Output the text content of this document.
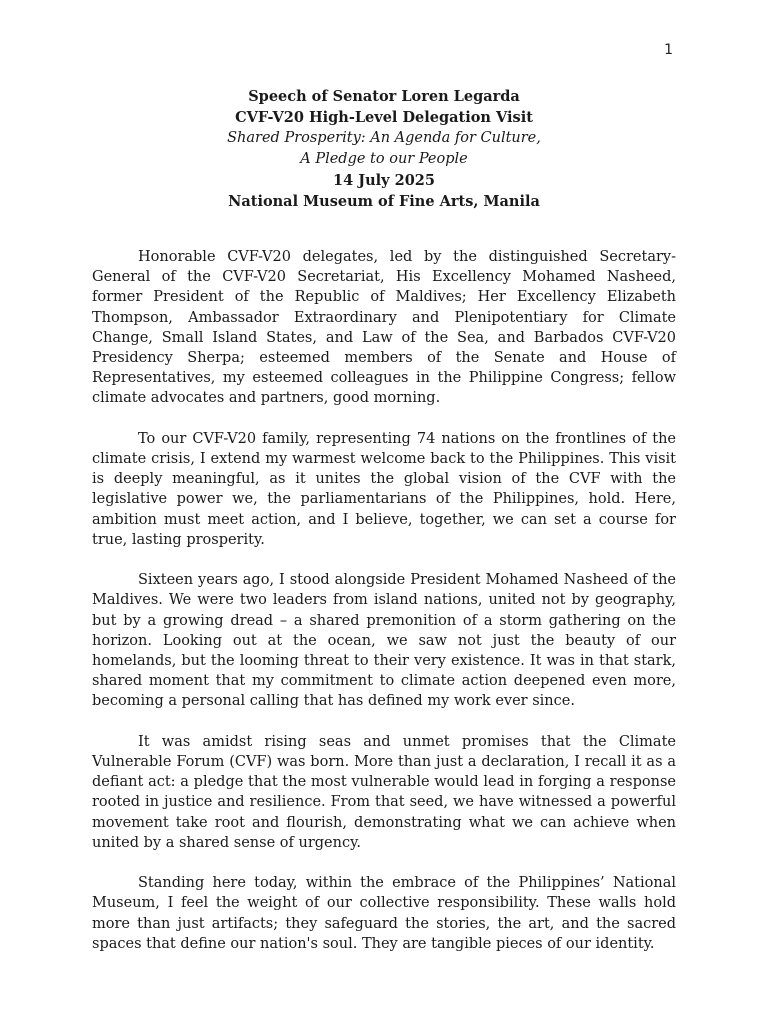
1
Speech of Senator Loren Legarda
CVF-V20 High-Level Delegation Visit
Shared Prosperity: An Agenda for Culture,
A Pledge to our People
14 July 2025
National Museum of Fine Arts, Manila

Honorable CVF-V20 delegates, led by the distinguished Secretary-General of the CVF-V20 Secretariat, His Excellency Mohamed Nasheed, former President of the Republic of Maldives; Her Excellency Elizabeth Thompson, Ambassador Extraordinary and Plenipotentiary for Climate Change, Small Island States, and Law of the Sea, and Barbados CVF-V20 Presidency Sherpa; esteemed members of the Senate and House of Representatives, my esteemed colleagues in the Philippine Congress; fellow climate advocates and partners, good morning.

To our CVF-V20 family, representing 74 nations on the frontlines of the climate crisis, I extend my warmest welcome back to the Philippines. This visit is deeply meaningful, as it unites the global vision of the CVF with the legislative power we, the parliamentarians of the Philippines, hold. Here, ambition must meet action, and I believe, together, we can set a course for true, lasting prosperity.

Sixteen years ago, I stood alongside President Mohamed Nasheed of the Maldives. We were two leaders from island nations, united not by geography, but by a growing dread – a shared premonition of a storm gathering on the horizon. Looking out at the ocean, we saw not just the beauty of our homelands, but the looming threat to their very existence. It was in that stark, shared moment that my commitment to climate action deepened even more, becoming a personal calling that has defined my work ever since.

It was amidst rising seas and unmet promises that the Climate Vulnerable Forum (CVF) was born. More than just a declaration, I recall it as a defiant act: a pledge that the most vulnerable would lead in forging a response rooted in justice and resilience. From that seed, we have witnessed a powerful movement take root and flourish, demonstrating what we can achieve when united by a shared sense of urgency.

Standing here today, within the embrace of the Philippines’ National Museum, I feel the weight of our collective responsibility. These walls hold more than just artifacts; they safeguard the stories, the art, and the sacred spaces that define our nation's soul. They are tangible pieces of our identity.
